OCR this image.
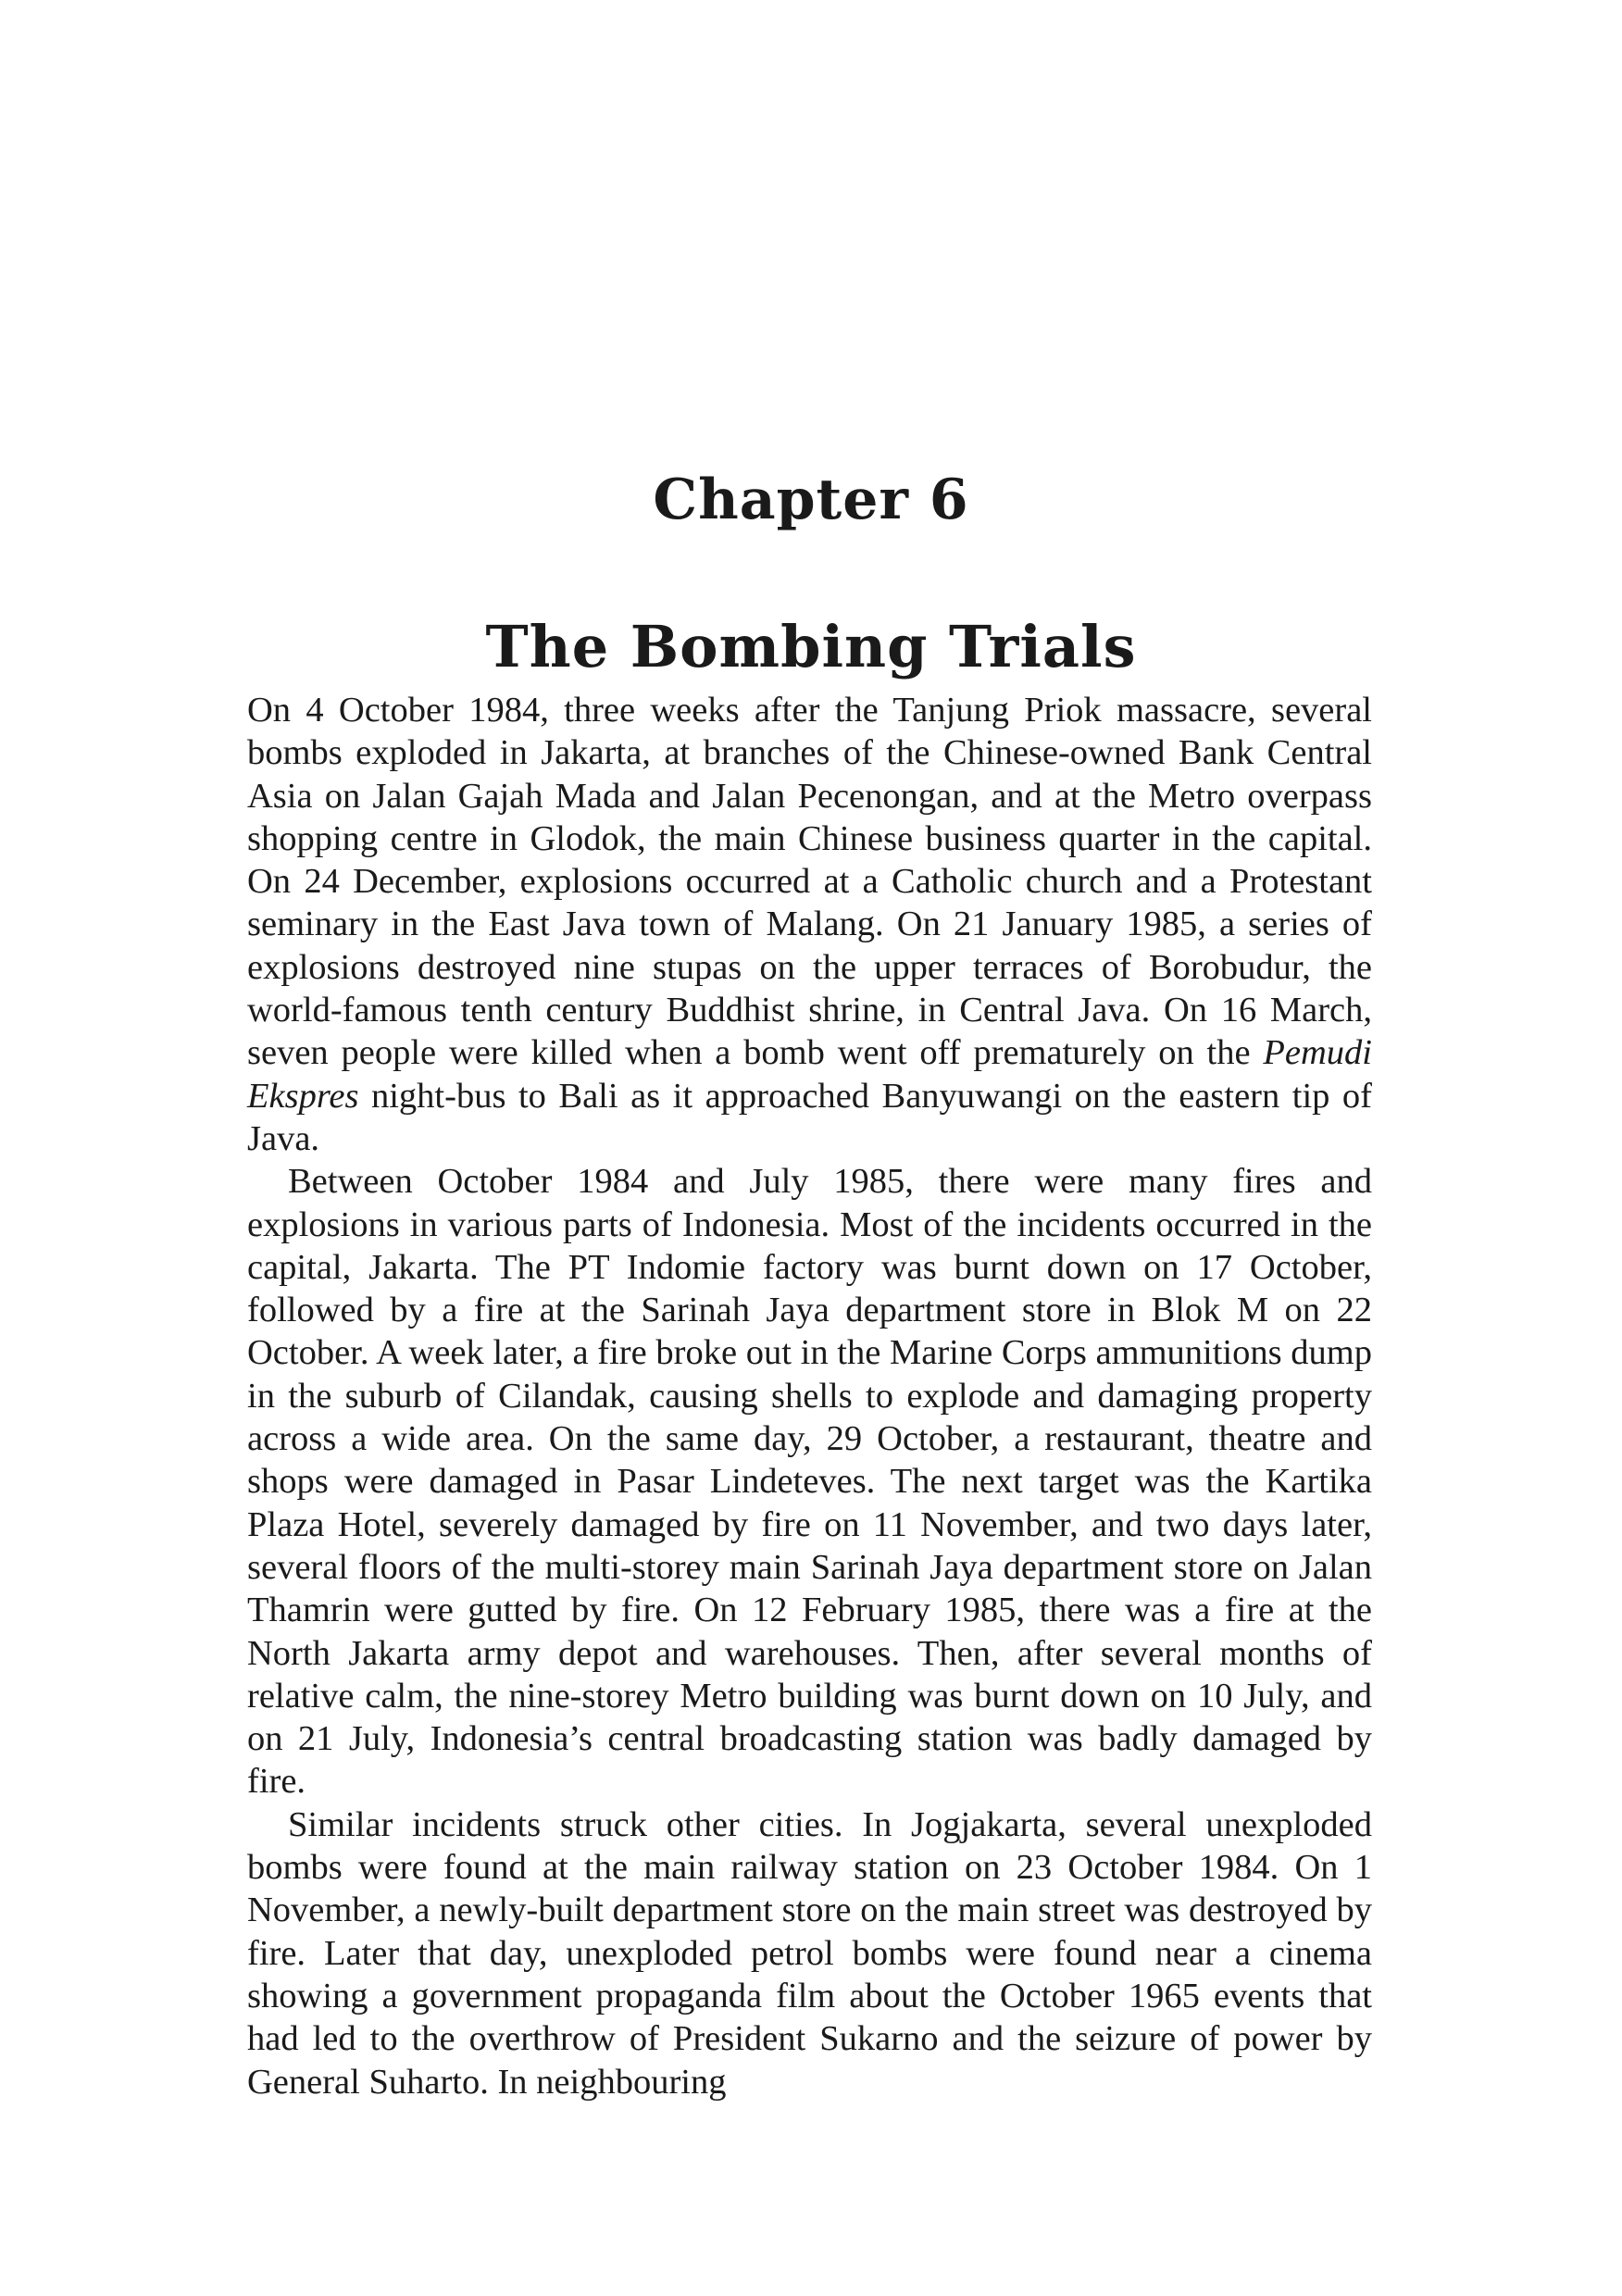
Chapter 6
The Bombing Trials

On 4 October 1984, three weeks after the Tanjung Priok massacre, several bombs exploded in Jakarta, at branches of the Chinese-owned Bank Central Asia on Jalan Gajah Mada and Jalan Pecenongan, and at the Metro overpass shopping centre in Glodok, the main Chinese business quarter in the capital. On 24 December, explosions occurred at a Catholic church and a Protestant seminary in the East Java town of Malang. On 21 January 1985, a series of explosions destroyed nine stupas on the upper terraces of Borobudur, the world-famous tenth century Buddhist shrine, in Central Java. On 16 March, seven people were killed when a bomb went off prematurely on the Pemudi Ekspres night-bus to Bali as it approached Banyuwangi on the eastern tip of Java.

Between October 1984 and July 1985, there were many fires and explosions in various parts of Indonesia. Most of the incidents occurred in the capital, Jakarta. The PT Indomie factory was burnt down on 17 October, followed by a fire at the Sarinah Jaya department store in Blok M on 22 October. A week later, a fire broke out in the Marine Corps ammunitions dump in the suburb of Cilandak, causing shells to explode and damaging property across a wide area. On the same day, 29 October, a restaurant, theatre and shops were damaged in Pasar Lindeteves. The next target was the Kartika Plaza Hotel, severely damaged by fire on 11 November, and two days later, several floors of the multi-storey main Sarinah Jaya department store on Jalan Thamrin were gutted by fire. On 12 February 1985, there was a fire at the North Jakarta army depot and warehouses. Then, after several months of relative calm, the nine-storey Metro building was burnt down on 10 July, and on 21 July, Indonesia’s central broadcasting station was badly damaged by fire.

Similar incidents struck other cities. In Jogjakarta, several unexploded bombs were found at the main railway station on 23 October 1984. On 1 November, a newly-built department store on the main street was destroyed by fire. Later that day, unexploded petrol bombs were found near a cinema showing a government propaganda film about the October 1965 events that had led to the overthrow of President Sukarno and the seizure of power by General Suharto. In neighbouring
